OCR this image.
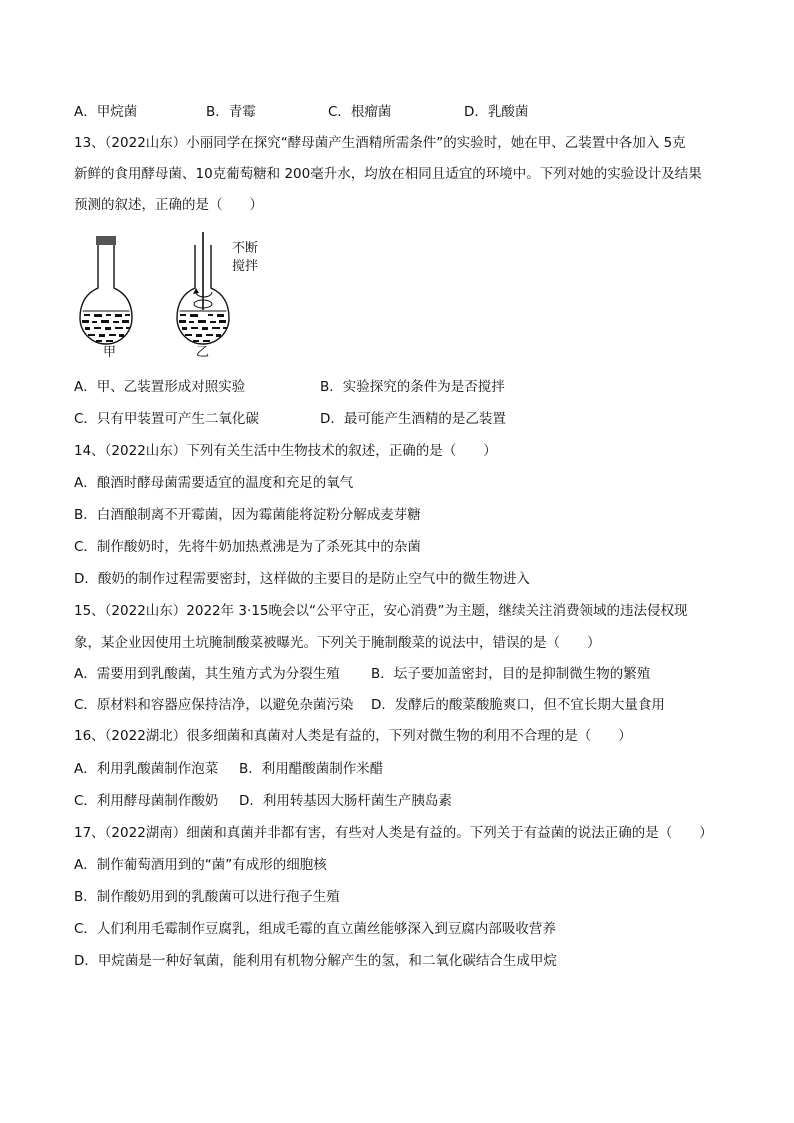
A．甲烷菌	B．青霉	C．根瘤菌	D．乳酸菌
13、（2022山东）小丽同学在探究“酵母菌产生酒精所需条件”的实验时，她在甲、乙装置中各加入 5克
新鲜的食用酵母菌、10克葡萄糖和 200毫升水，均放在相同且适宜的环境中。下列对她的实验设计及结果
预测的叙述，正确的是（　　）
甲
不断
搅拌
乙
A．甲、乙装置形成对照实验	B．实验探究的条件为是否搅拌
C．只有甲装置可产生二氧化碳	D．最可能产生酒精的是乙装置
14、（2022山东）下列有关生活中生物技术的叙述，正确的是（　　）
A．酿酒时酵母菌需要适宜的温度和充足的氧气
B．白酒酿制离不开霉菌，因为霉菌能将淀粉分解成麦芽糖
C．制作酸奶时，先将牛奶加热煮沸是为了杀死其中的杂菌
D．酸奶的制作过程需要密封，这样做的主要目的是防止空气中的微生物进入
15、（2022山东）2022年 3·15晚会以“公平守正，安心消费”为主题，继续关注消费领域的违法侵权现
象，某企业因使用土坑腌制酸菜被曝光。下列关于腌制酸菜的说法中，错误的是（　　）
A．需要用到乳酸菌，其生殖方式为分裂生殖 B．坛子要加盖密封，目的是抑制微生物的繁殖
C．原材料和容器应保持洁净，以避免杂菌污染 D．发酵后的酸菜酸脆爽口，但不宜长期大量食用
16、（2022湖北）很多细菌和真菌对人类是有益的，下列对微生物的利用不合理的是（　　）
A．利用乳酸菌制作泡菜 B．利用醋酸菌制作米醋
C．利用酵母菌制作酸奶 D．利用转基因大肠杆菌生产胰岛素
17、（2022湖南）细菌和真菌并非都有害，有些对人类是有益的。下列关于有益菌的说法正确的是（　　）
A．制作葡萄酒用到的“菌”有成形的细胞核
B．制作酸奶用到的乳酸菌可以进行孢子生殖
C．人们利用毛霉制作豆腐乳，组成毛霉的直立菌丝能够深入到豆腐内部吸收营养
D．甲烷菌是一种好氧菌，能利用有机物分解产生的氢，和二氧化碳结合生成甲烷
